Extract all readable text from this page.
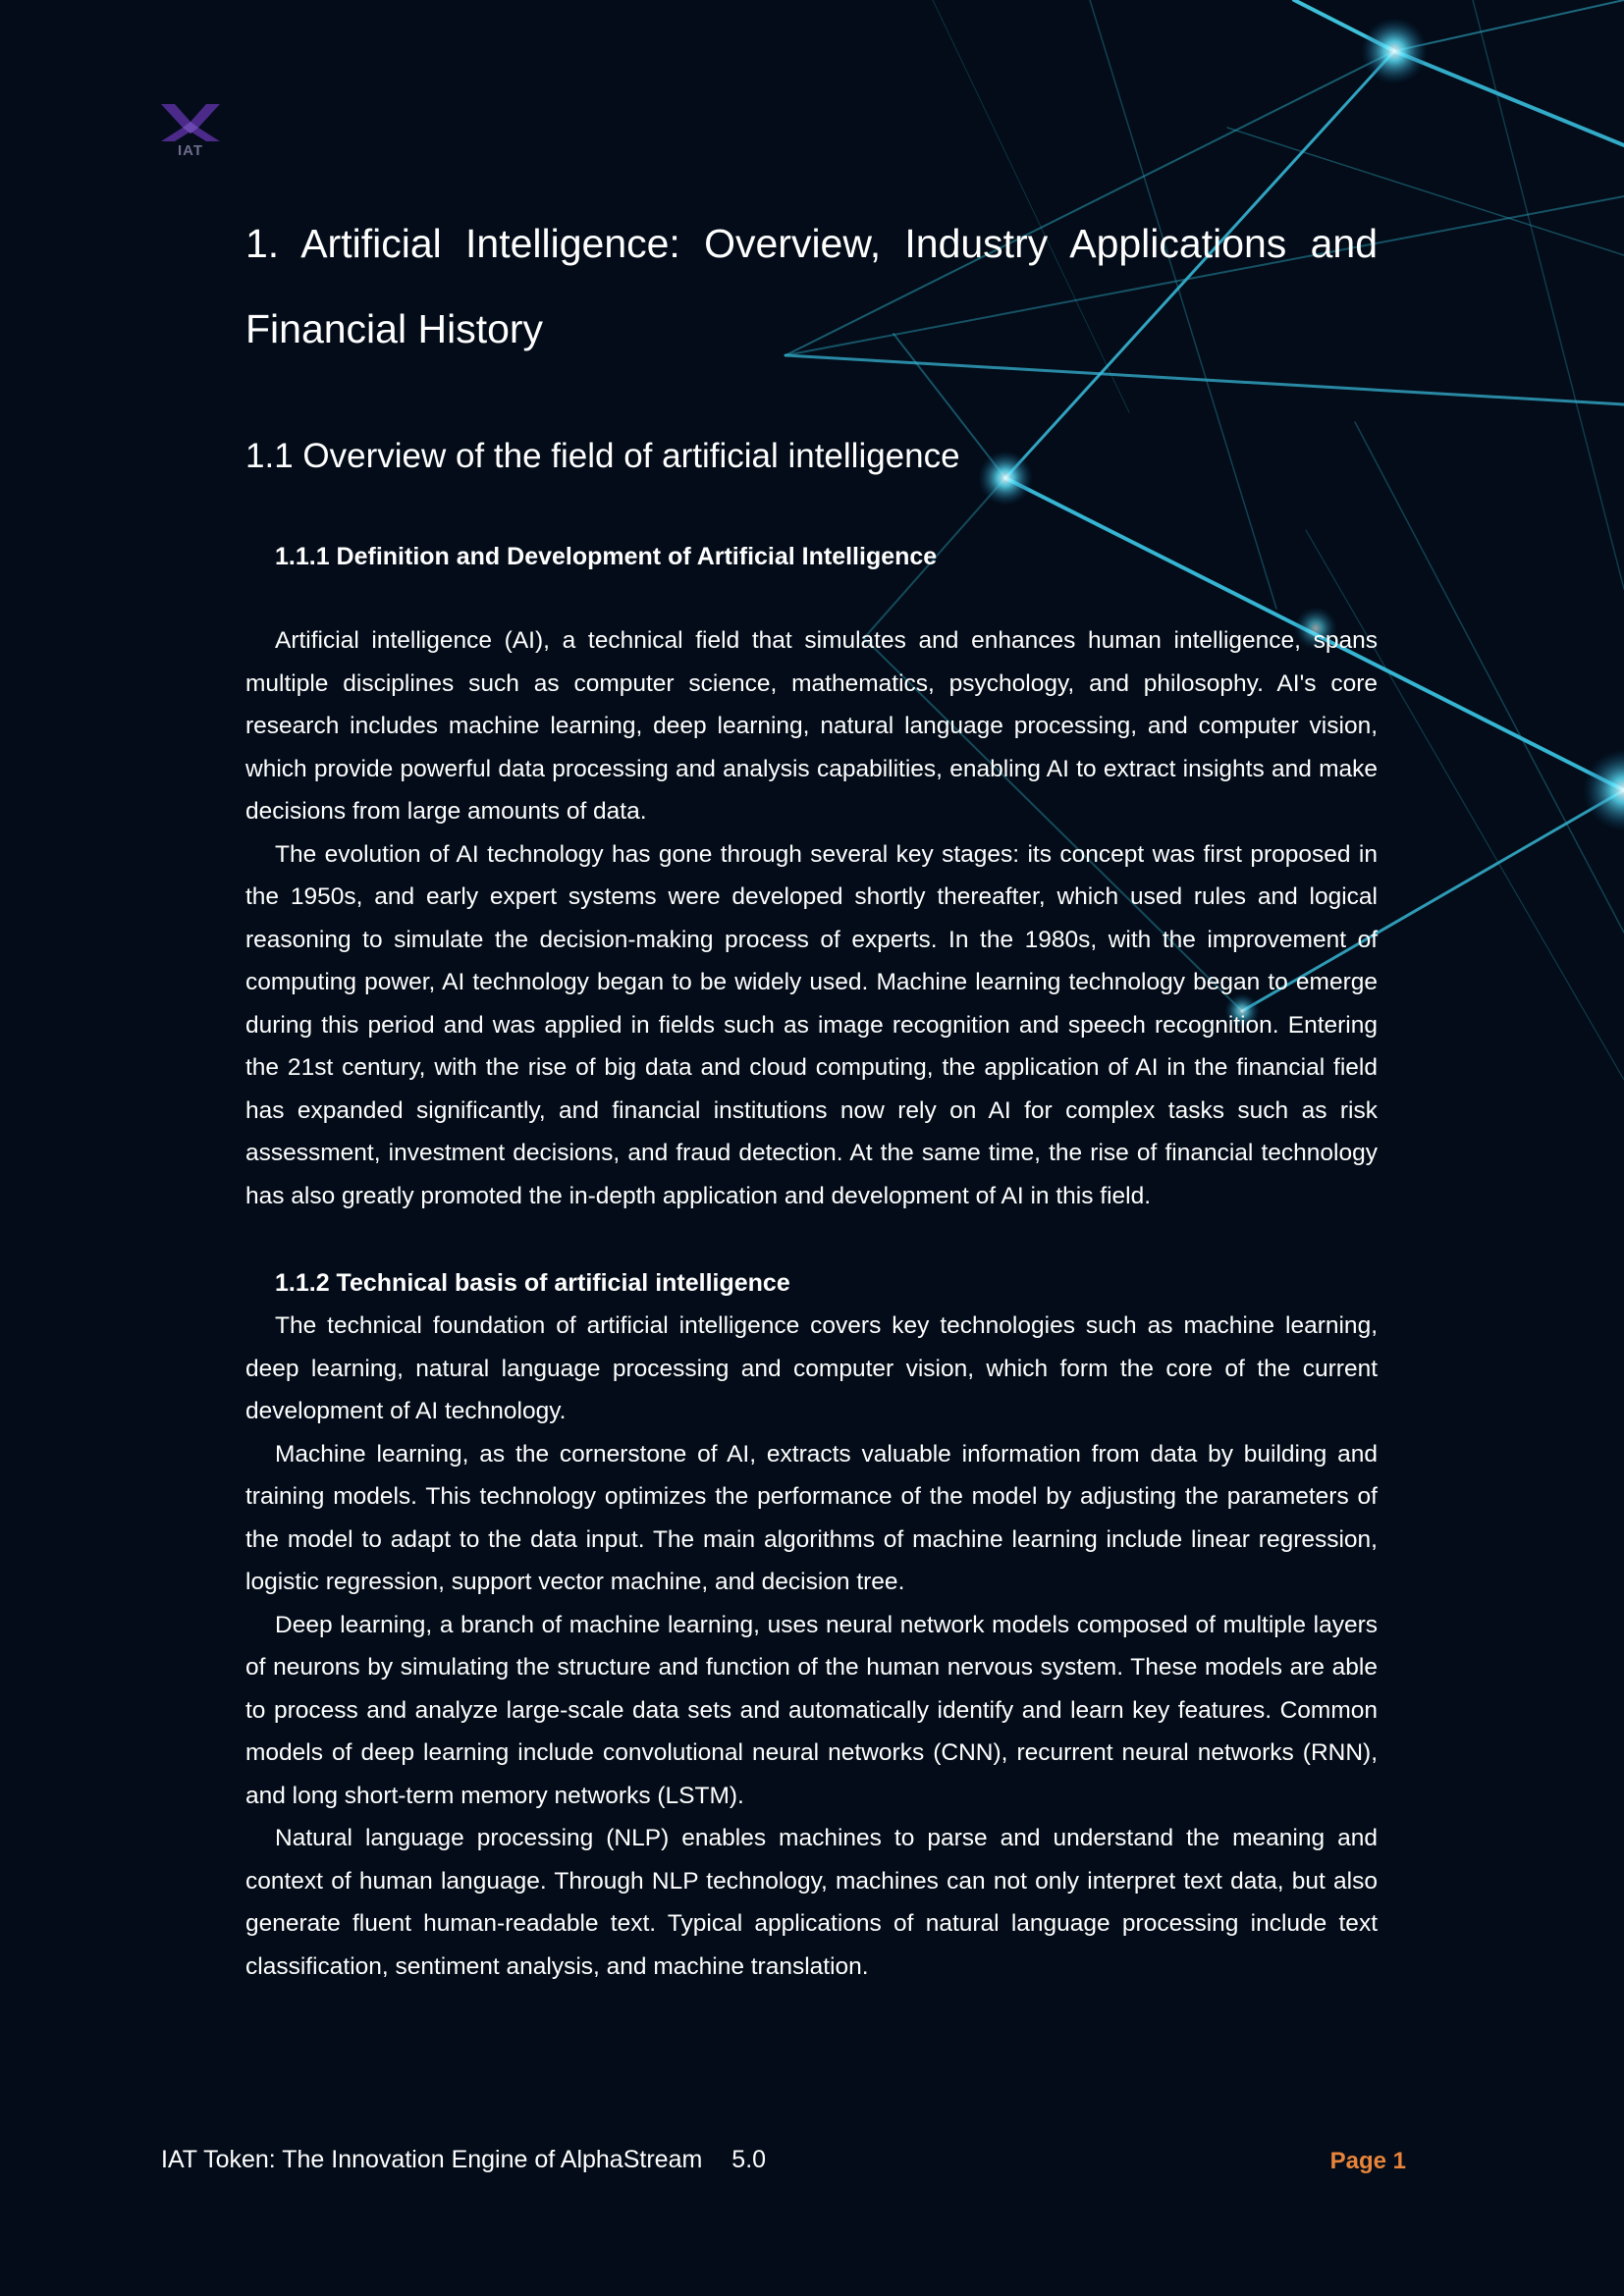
IAT
1. Artificial Intelligence: Overview, Industry Applications and Financial History
1.1 Overview of the field of artificial intelligence
1.1.1 Definition and Development of Artificial Intelligence

Artificial intelligence (AI), a technical field that simulates and enhances human intelligence, spans multiple disciplines such as computer science, mathematics, psychology, and philosophy. AI's core research includes machine learning, deep learning, natural language processing, and computer vision, which provide powerful data processing and analysis capabilities, enabling AI to extract insights and make decisions from large amounts of data.

The evolution of AI technology has gone through several key stages: its concept was first proposed in the 1950s, and early expert systems were developed shortly thereafter, which used rules and logical reasoning to simulate the decision-making process of experts. In the 1980s, with the improvement of computing power, AI technology began to be widely used. Machine learning technology began to emerge during this period and was applied in fields such as image recognition and speech recognition. Entering the 21st century, with the rise of big data and cloud computing, the application of AI in the financial field has expanded significantly, and financial institutions now rely on AI for complex tasks such as risk assessment, investment decisions, and fraud detection. At the same time, the rise of financial technology has also greatly promoted the in-depth application and development of AI in this field.

1.1.2 Technical basis of artificial intelligence

The technical foundation of artificial intelligence covers key technologies such as machine learning, deep learning, natural language processing and computer vision, which form the core of the current development of AI technology.

Machine learning, as the cornerstone of AI, extracts valuable information from data by building and training models. This technology optimizes the performance of the model by adjusting the parameters of the model to adapt to the data input. The main algorithms of machine learning include linear regression, logistic regression, support vector machine, and decision tree.

Deep learning, a branch of machine learning, uses neural network models composed of multiple layers of neurons by simulating the structure and function of the human nervous system. These models are able to process and analyze large-scale data sets and automatically identify and learn key features. Common models of deep learning include convolutional neural networks (CNN), recurrent neural networks (RNN), and long short-term memory networks (LSTM).

Natural language processing (NLP) enables machines to parse and understand the meaning and context of human language. Through NLP technology, machines can not only interpret text data, but also generate fluent human-readable text. Typical applications of natural language processing include text classification, sentiment analysis, and machine translation.

IAT Token: The Innovation Engine of AlphaStream 5.0	Page 1
